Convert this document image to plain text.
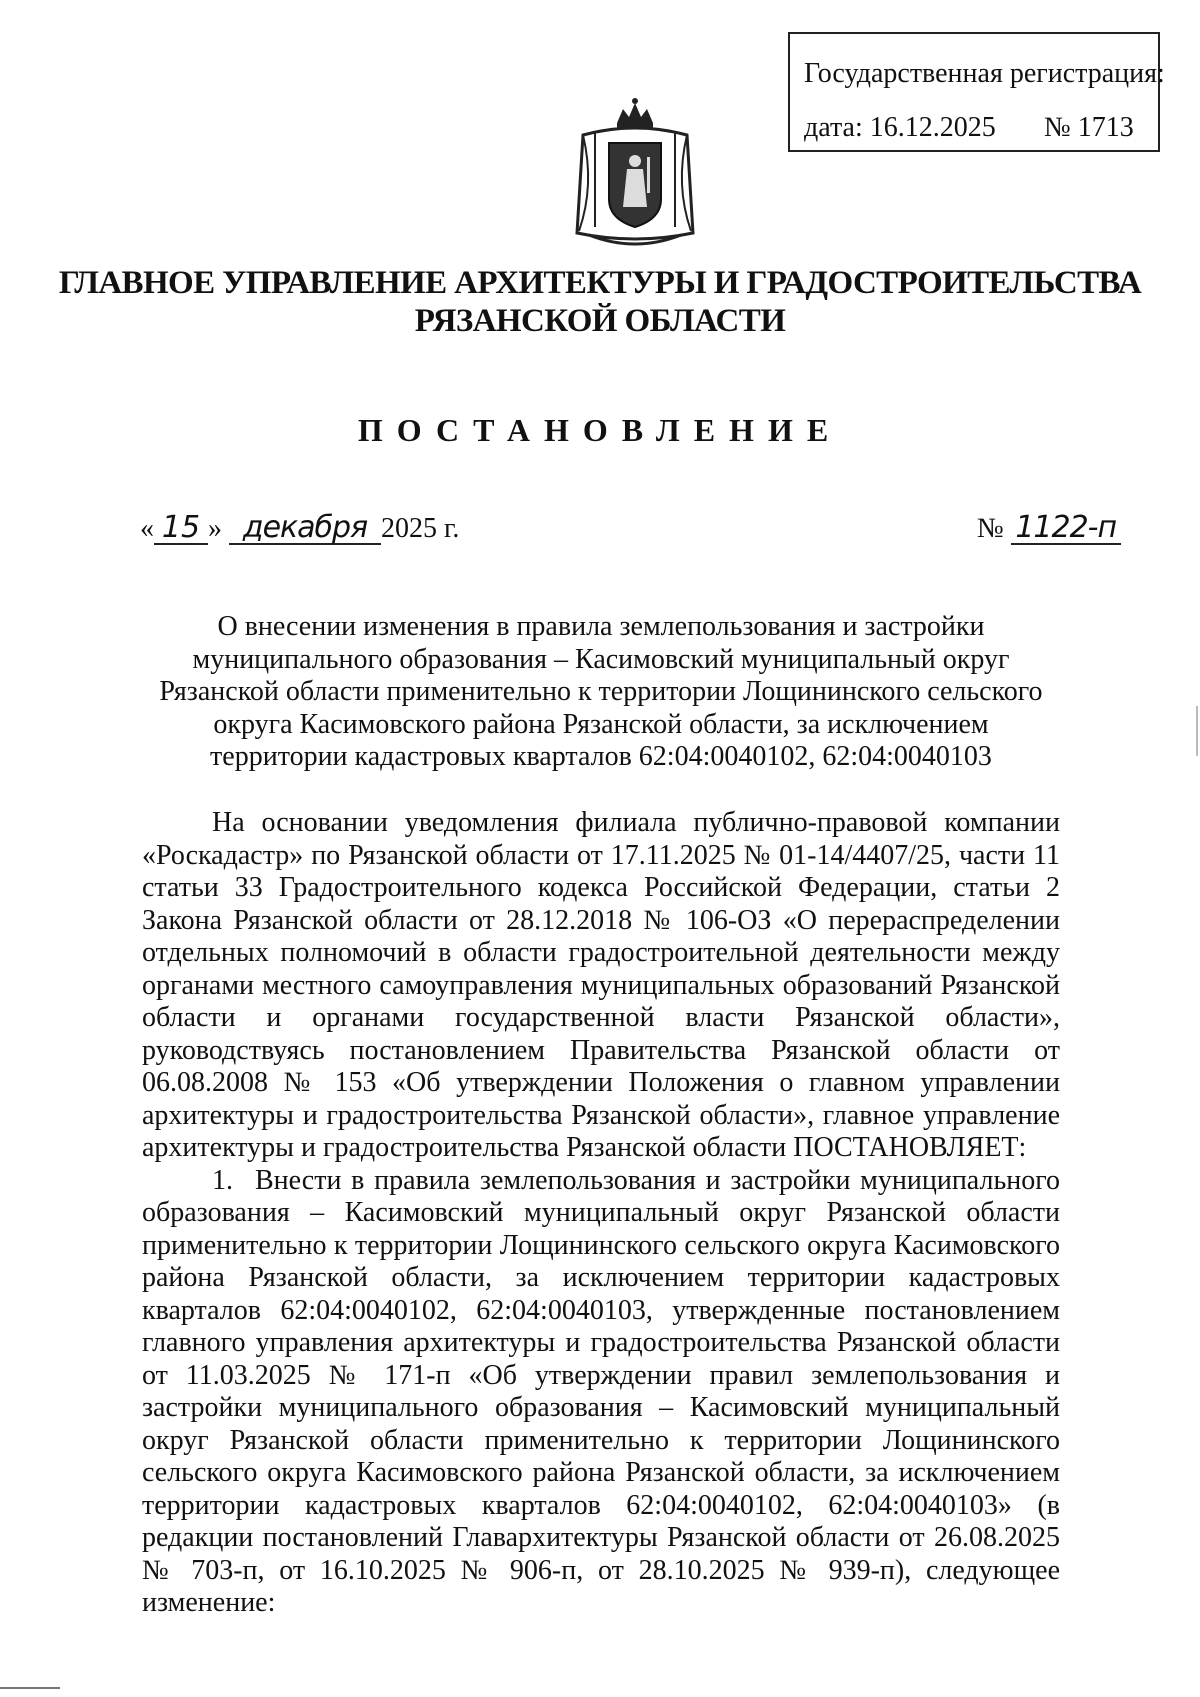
Государственная регистрация:
дата: 16.12.2025 № 1713
ГЛАВНОЕ УПРАВЛЕНИЕ АРХИТЕКТУРЫ И ГРАДОСТРОИТЕЛЬСТВА
РЯЗАНСКОЙ ОБЛАСТИ
ПОСТАНОВЛЕНИЕ
« 15 » декабря 2025 г.	№ 1122-п
О внесении изменения в правила землепользования и застройки муниципального образования – Касимовский муниципальный округ Рязанской области применительно к территории Лощининского сельского округа Касимовского района Рязанской области, за исключением территории кадастровых кварталов 62:04:0040102, 62:04:0040103

На основании уведомления филиала публично-правовой компании «Роскадастр» по Рязанской области от 17.11.2025 № 01-14/4407/25, части 11 статьи 33 Градостроительного кодекса Российской Федерации, статьи 2 Закона Рязанской области от 28.12.2018 № 106-ОЗ «О перераспределении отдельных полномочий в области градостроительной деятельности между органами местного самоуправления муниципальных образований Рязанской области и органами государственной власти Рязанской области», руководствуясь постановлением Правительства Рязанской области от 06.08.2008 № 153 «Об утверждении Положения о главном управлении архитектуры и градостроительства Рязанской области», главное управление архитектуры и градостроительства Рязанской области ПОСТАНОВЛЯЕТ:

1. Внести в правила землепользования и застройки муниципального образования – Касимовский муниципальный округ Рязанской области применительно к территории Лощининского сельского округа Касимовского района Рязанской области, за исключением территории кадастровых кварталов 62:04:0040102, 62:04:0040103, утвержденные постановлением главного управления архитектуры и градостроительства Рязанской области от 11.03.2025 № 171-п «Об утверждении правил землепользования и застройки муниципального образования – Касимовский муниципальный округ Рязанской области применительно к территории Лощининского сельского округа Касимовского района Рязанской области, за исключением территории кадастровых кварталов 62:04:0040102, 62:04:0040103» (в редакции постановлений Главархитектуры Рязанской области от 26.08.2025 № 703-п, от 16.10.2025 № 906-п, от 28.10.2025 № 939-п), следующее изменение:
